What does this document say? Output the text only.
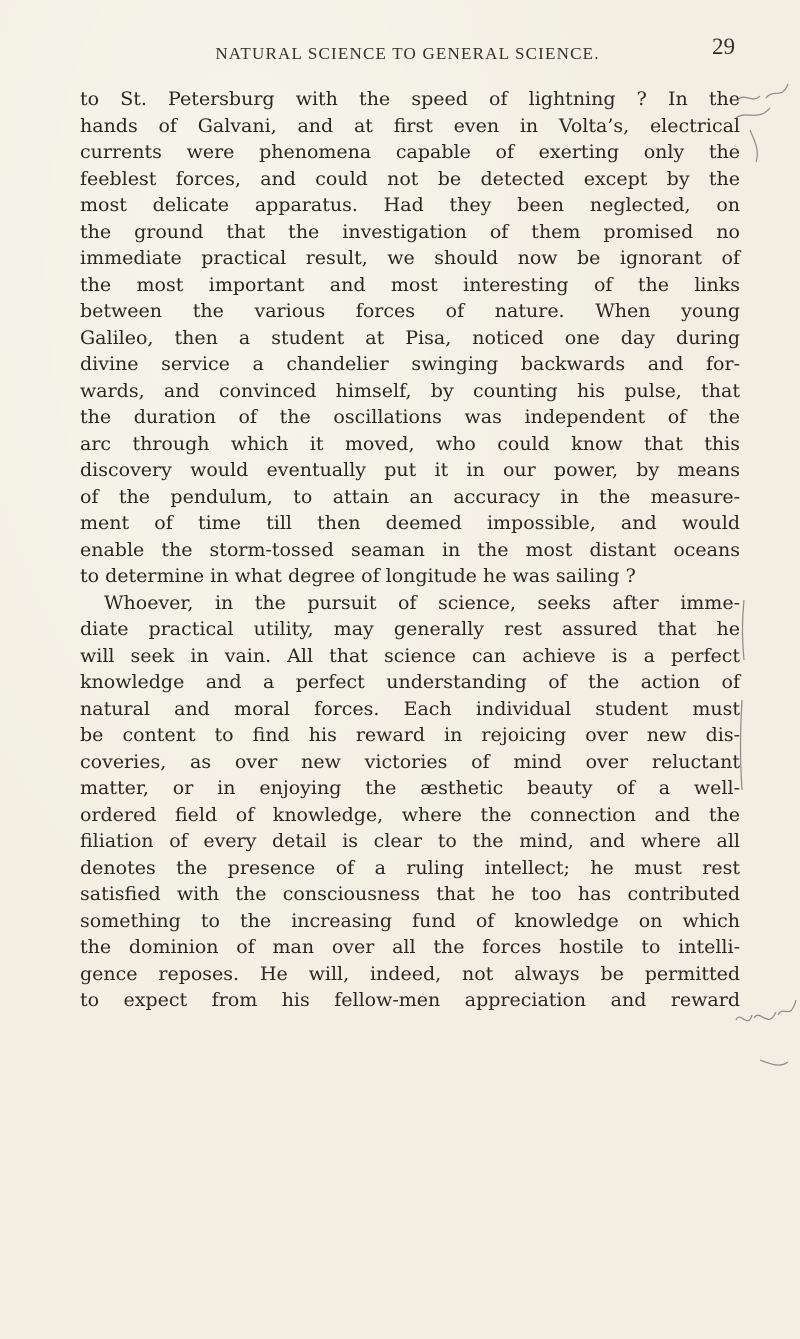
NATURAL SCIENCE TO GENERAL SCIENCE.	29
to St. Petersburg with the speed of lightning ? In the
hands of Galvani, and at first even in Volta’s, electrical
currents were phenomena capable of exerting only the
feeblest forces, and could not be detected except by the
most delicate apparatus. Had they been neglected, on
the ground that the investigation of them promised no
immediate practical result, we should now be ignorant of
the most important and most interesting of the links
between the various forces of nature. When young
Galileo, then a student at Pisa, noticed one day during
divine service a chandelier swinging backwards and for-
wards, and convinced himself, by counting his pulse, that
the duration of the oscillations was independent of the
arc through which it moved, who could know that this
discovery would eventually put it in our power, by means
of the pendulum, to attain an accuracy in the measure-
ment of time till then deemed impossible, and would
enable the storm-tossed seaman in the most distant oceans
to determine in what degree of longitude he was sailing ?
Whoever, in the pursuit of science, seeks after imme-
diate practical utility, may generally rest assured that he
will seek in vain. All that science can achieve is a perfect
knowledge and a perfect understanding of the action of
natural and moral forces. Each individual student must
be content to find his reward in rejoicing over new dis-
coveries, as over new victories of mind over reluctant
matter, or in enjoying the æsthetic beauty of a well-
ordered field of knowledge, where the connection and the
filiation of every detail is clear to the mind, and where all
denotes the presence of a ruling intellect; he must rest
satisfied with the consciousness that he too has contributed
something to the increasing fund of knowledge on which
the dominion of man over all the forces hostile to intelli-
gence reposes. He will, indeed, not always be permitted
to expect from his fellow-men appreciation and reward
